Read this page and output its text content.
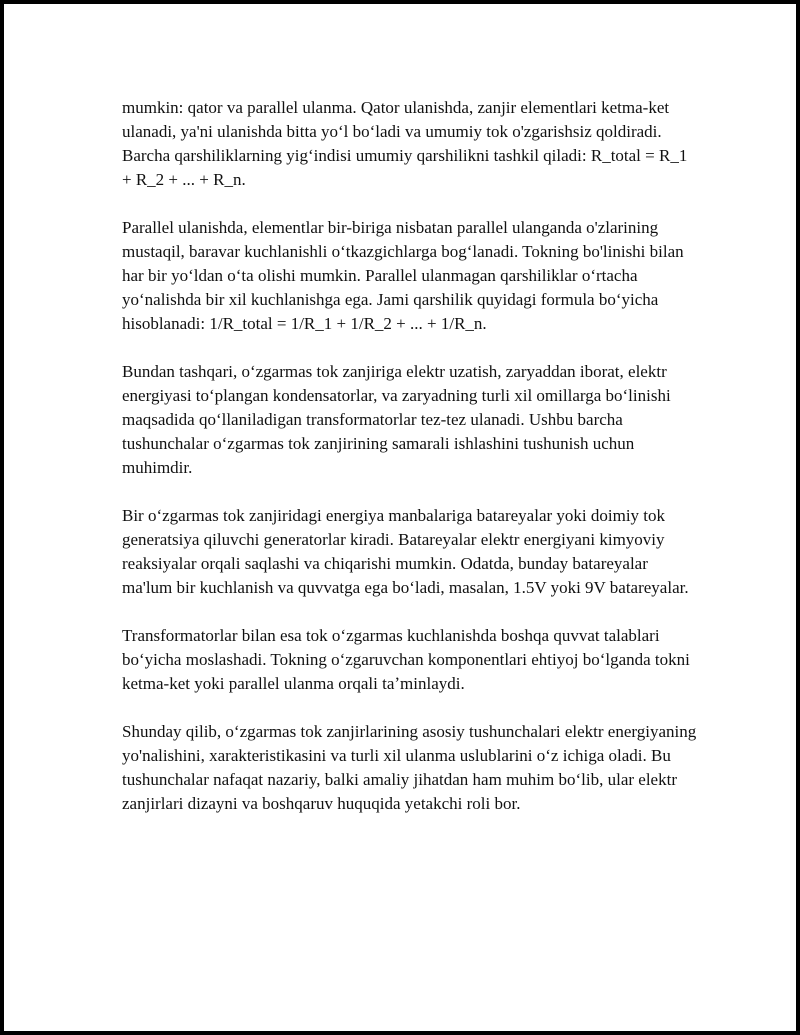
mumkin: qator va parallel ulanma. Qator ulanishda, zanjir elementlari ketma-ket ulanadi, ya'ni ulanishda bitta yoʻl boʻladi va umumiy tok o'zgarishsiz qoldiradi. Barcha qarshiliklarning yigʻindisi umumiy qarshilikni tashkil qiladi: R_total = R_1 + R_2 + ... + R_n.

Parallel ulanishda, elementlar bir-biriga nisbatan parallel ulanganda o'zlarining mustaqil, baravar kuchlanishli oʻtkazgichlarga bogʻlanadi. Tokning bo'linishi bilan har bir yoʻldan oʻta olishi mumkin. Parallel ulanmagan qarshiliklar oʻrtacha yoʻnalishda bir xil kuchlanishga ega. Jami qarshilik quyidagi formula boʻyicha hisoblanadi: 1/R_total = 1/R_1 + 1/R_2 + ... + 1/R_n.

Bundan tashqari, oʻzgarmas tok zanjiriga elektr uzatish, zaryaddan iborat, elektr energiyasi toʻplangan kondensatorlar, va zaryadning turli xil omillarga boʻlinishi maqsadida qoʻllaniladigan transformatorlar tez-tez ulanadi. Ushbu barcha tushunchalar oʻzgarmas tok zanjirining samarali ishlashini tushunish uchun muhimdir.

Bir oʻzgarmas tok zanjiridagi energiya manbalariga batareyalar yoki doimiy tok generatsiya qiluvchi generatorlar kiradi. Batareyalar elektr energiyani kimyoviy reaksiyalar orqali saqlashi va chiqarishi mumkin. Odatda, bunday batareyalar ma'lum bir kuchlanish va quvvatga ega boʻladi, masalan, 1.5V yoki 9V batareyalar.

Transformatorlar bilan esa tok oʻzgarmas kuchlanishda boshqa quvvat talablari boʻyicha moslashadi. Tokning oʻzgaruvchan komponentlari ehtiyoj boʻlganda tokni ketma-ket yoki parallel ulanma orqali taʼminlaydi.

Shunday qilib, oʻzgarmas tok zanjirlarining asosiy tushunchalari elektr energiyaning yo'nalishini, xarakteristikasini va turli xil ulanma uslublarini oʻz ichiga oladi. Bu tushunchalar nafaqat nazariy, balki amaliy jihatdan ham muhim boʻlib, ular elektr zanjirlari dizayni va boshqaruv huquqida yetakchi roli bor.
